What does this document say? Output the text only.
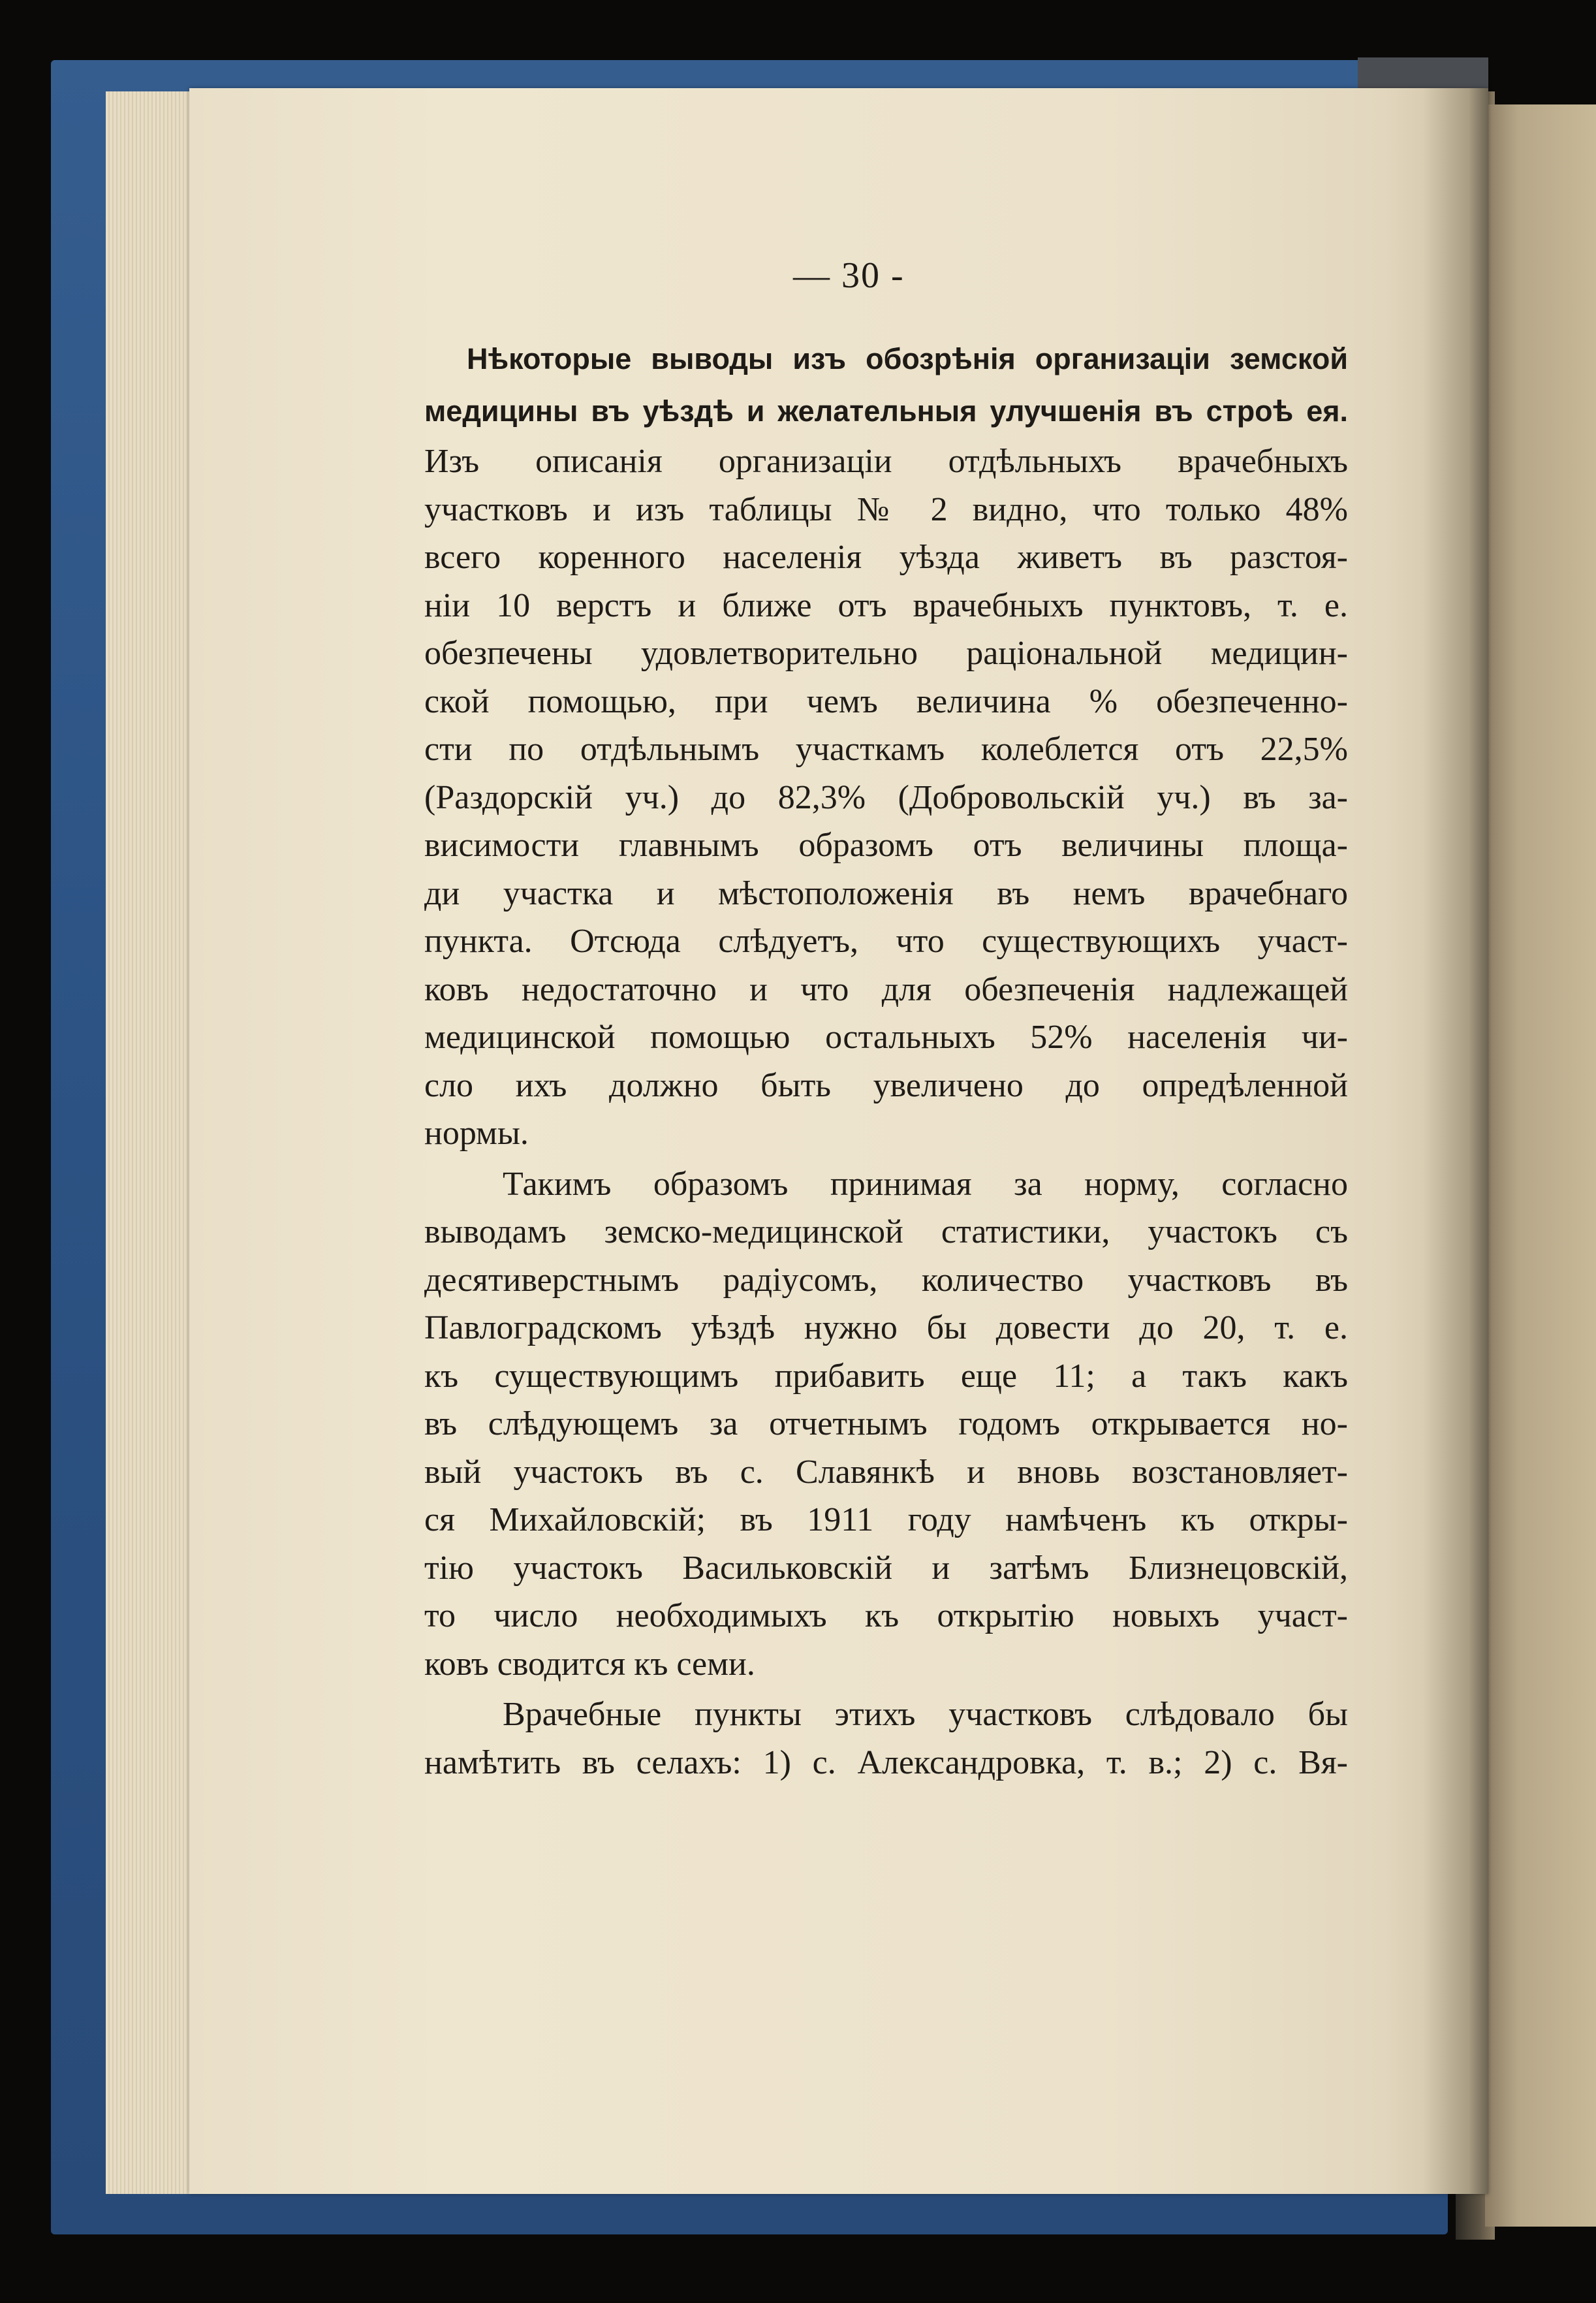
— 30 -
Нѣкоторые выводы изъ обозрѣнія организаціи земской
медицины въ уѣздѣ и желательныя улучшенія въ строѣ ея.
Изъ описанія организаціи отдѣльныхъ врачебныхъ
участковъ и изъ таблицы № 2 видно, что только 48%
всего коренного населенія уѣзда живетъ въ разстоя-
ніи 10 верстъ и ближе отъ врачебныхъ пунктовъ, т. е.
обезпечены удовлетворительно раціональной медицин-
ской помощью, при чемъ величина % обезпеченно-
сти по отдѣльнымъ участкамъ колеблется отъ 22,5%
(Раздорскій уч.) до 82,3% (Добровольскій уч.) въ за-
висимости главнымъ образомъ отъ величины площа-
ди участка и мѣстоположенія въ немъ врачебнаго
пункта. Отсюда слѣдуетъ, что существующихъ участ-
ковъ недостаточно и что для обезпеченія надлежащей
медицинской помощью остальныхъ 52% населенія чи-
сло ихъ должно быть увеличено до опредѣленной
нормы.
Такимъ образомъ принимая за норму, согласно
выводамъ земско-медицинской статистики, участокъ съ
десятиверстнымъ радіусомъ, количество участковъ въ
Павлоградскомъ уѣздѣ нужно бы довести до 20, т. е.
къ существующимъ прибавить еще 11; а такъ какъ
въ слѣдующемъ за отчетнымъ годомъ открывается но-
вый участокъ въ с. Славянкѣ и вновь возстановляет-
ся Михайловскій; въ 1911 году намѣченъ къ откры-
тію участокъ Васильковскій и затѣмъ Близнецовскій,
то число необходимыхъ къ открытію новыхъ участ-
ковъ сводится къ семи.
Врачебные пункты этихъ участковъ слѣдовало бы
намѣтить въ селахъ: 1) с. Александровка, т. в.; 2) с. Вя-
